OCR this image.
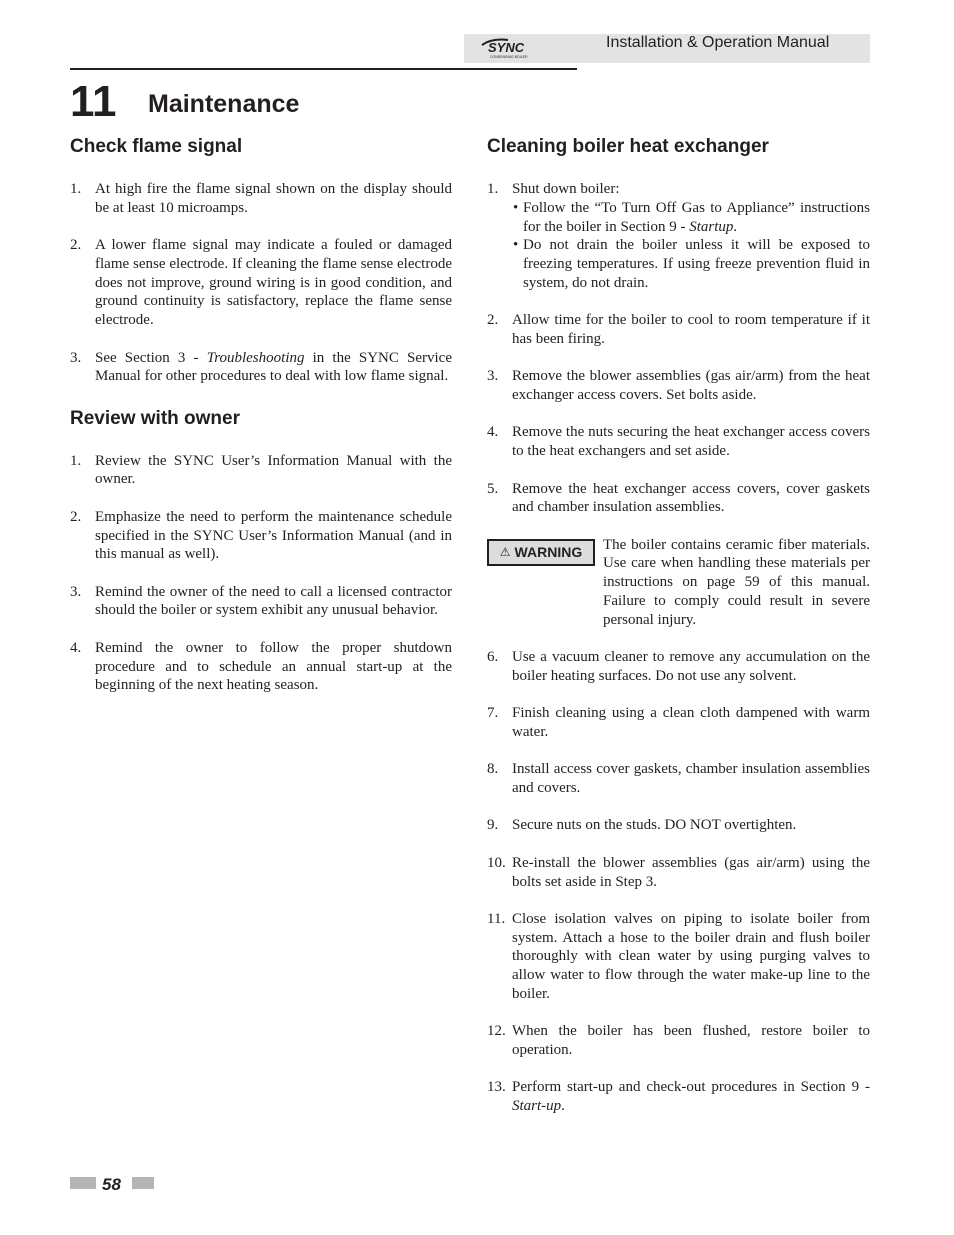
SYNC
CONDENSING BOILER
Installation & Operation Manual
11 Maintenance
Check flame signal
1. At high fire the flame signal shown on the display should be at least 10 microamps.
2. A lower flame signal may indicate a fouled or damaged flame sense electrode. If cleaning the flame sense electrode does not improve, ground wiring is in good condition, and ground continuity is satisfactory, replace the flame sense electrode.
3. See Section 3 - Troubleshooting in the SYNC Service Manual for other procedures to deal with low flame signal.
Review with owner
1. Review the SYNC User’s Information Manual with the owner.
2. Emphasize the need to perform the maintenance schedule specified in the SYNC User’s Information Manual (and in this manual as well).
3. Remind the owner of the need to call a licensed contractor should the boiler or system exhibit any unusual behavior.
4. Remind the owner to follow the proper shutdown procedure and to schedule an annual start-up at the beginning of the next heating season.
Cleaning boiler heat exchanger
1. Shut down boiler:
• Follow the “To Turn Off Gas to Appliance” instructions for the boiler in Section 9 - Startup.
• Do not drain the boiler unless it will be exposed to freezing temperatures. If using freeze prevention fluid in system, do not drain.
2. Allow time for the boiler to cool to room temperature if it has been firing.
3. Remove the blower assemblies (gas air/arm) from the heat exchanger access covers. Set bolts aside.
4. Remove the nuts securing the heat exchanger access covers to the heat exchangers and set aside.
5. Remove the heat exchanger access covers, cover gaskets and chamber insulation assemblies.
⚠ WARNING The boiler contains ceramic fiber materials. Use care when handling these materials per instructions on page 59 of this manual. Failure to comply could result in severe personal injury.
6. Use a vacuum cleaner to remove any accumulation on the boiler heating surfaces. Do not use any solvent.
7. Finish cleaning using a clean cloth dampened with warm water.
8. Install access cover gaskets, chamber insulation assemblies and covers.
9. Secure nuts on the studs. DO NOT overtighten.
10. Re-install the blower assemblies (gas air/arm) using the bolts set aside in Step 3.
11. Close isolation valves on piping to isolate boiler from system. Attach a hose to the boiler drain and flush boiler thoroughly with clean water by using purging valves to allow water to flow through the water make-up line to the boiler.
12. When the boiler has been flushed, restore boiler to operation.
13. Perform start-up and check-out procedures in Section 9 - Start-up.
58
